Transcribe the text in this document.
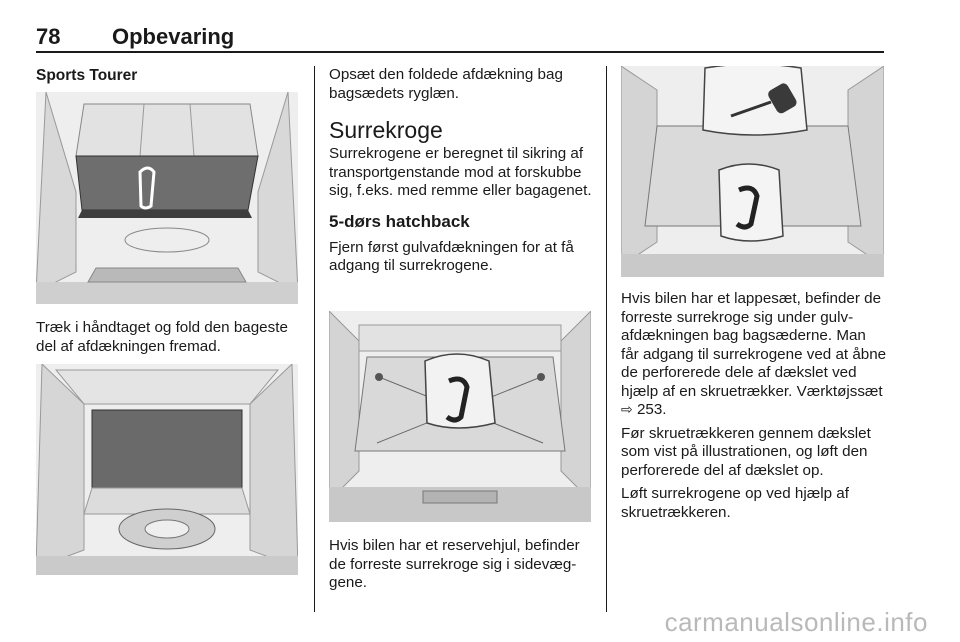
78 Opbevaring

Sports Tourer

Træk i håndtaget og fold den bageste del af afdækningen fremad.

Opsæt den foldede afdækning bag bagsædets ryglæn.

Surrekroge

Surrekrogene er beregnet til sikring af transportgenstande mod at forskubbe sig, f.eks. med remme eller bagagenet.

5-dørs hatchback

Fjern først gulvafdækningen for at få adgang til surrekrogene.

Hvis bilen har et reservehjul, befinder de forreste surrekroge sig i sidevæggene.

Hvis bilen har et lappesæt, befinder de forreste surrekroge sig under gulvafdækningen bag bagsæderne. Man får adgang til surrekrogene ved at åbne de perforerede dele af dækslet ved hjælp af en skruetrækker. Værktøjssæt ⇨ 253.

Før skruetrækkeren gennem dækslet som vist på illustrationen, og løft den perforerede del af dækslet op.

Løft surrekrogene op ved hjælp af skruetrækkeren.

carmanualsonline.info
